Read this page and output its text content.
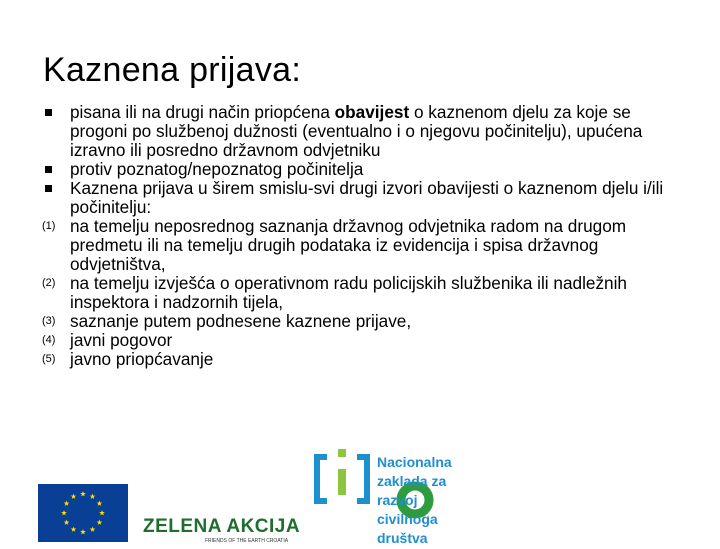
Kaznena prijava:
pisana ili na drugi način priopćena obavijest o kaznenom djelu za koje se progoni po službenoj dužnosti (eventualno i o njegovu počinitelju), upućena izravno ili posredno državnom odvjetniku
protiv poznatog/nepoznatog počinitelja
Kaznena prijava u širem smislu-svi drugi izvori obavijesti o kaznenom djelu i/ili počinitelju:
(1) na temelju neposrednog saznanja državnog odvjetnika radom na drugom predmetu ili na temelju drugih podataka iz evidencija i spisa državnog odvjetništva,
(2) na temelju izvješća o operativnom radu policijskih službenika ili nadležnih inspektora i nadzornih tijela,
(3) saznanje putem podnesene kaznene prijave,
(4) javni pogovor
(5) javno priopćavanje
ZELENA AKCIJA
FRIENDS OF THE EARTH CROATIA
Nacionalna
zaklada za
razvoj
civilnoga
društva
